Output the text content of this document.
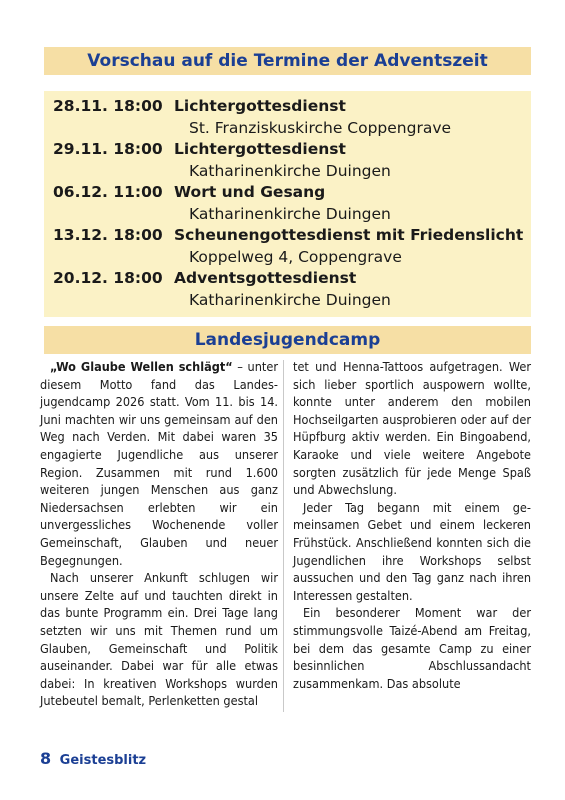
Vorschau auf die Termine der Adventszeit
28.11. 18:00 Lichtergottesdienst
St. Franziskuskirche Coppengrave
29.11. 18:00 Lichtergottesdienst
Katharinenkirche Duingen
06.12. 11:00 Wort und Gesang
Katharinenkirche Duingen
13.12. 18:00 Scheunengottesdienst mit Friedenslicht
Koppelweg 4, Coppengrave
20.12. 18:00 Adventsgottesdienst
Katharinenkirche Duingen
Landesjugendcamp

„Wo Glaube Wellen schlägt“ – unter diesem Motto fand das Landesjugendcamp 2026 statt. Vom 11. bis 14. Juni machten wir uns gemeinsam auf den Weg nach Verden. Mit dabei waren 35 engagierte Jugendliche aus unserer Region. Zusammen mit rund 1.600 weiteren jungen Menschen aus ganz Niedersachsen erlebten wir ein unvergessliches Wochenende voller Gemeinschaft, Glauben und neuer Begegnungen.

Nach unserer Ankunft schlugen wir unsere Zelte auf und tauchten direkt in das bunte Programm ein. Drei Tage lang setzten wir uns mit Themen rund um Glauben, Gemeinschaft und Politik auseinander. Dabei war für alle etwas dabei: In kreativen Workshops wurden Jutebeutel bemalt, Perlenketten gestal

tet und Henna-Tattoos aufgetragen. Wer sich lieber sportlich auspowern wollte, konnte unter anderem den mobilen Hochseilgarten ausprobieren oder auf der Hüpfburg aktiv werden. Ein Bingoabend, Karaoke und viele weitere Angebote sorgten zusätzlich für jede Menge Spaß und Abwechslung.

Jeder Tag begann mit einem gemeinsamen Gebet und einem leckeren Frühstück. Anschließend konnten sich die Jugendlichen ihre Workshops selbst aussuchen und den Tag ganz nach ihren Interessen gestalten.

Ein besonderer Moment war der stimmungsvolle Taizé-Abend am Freitag, bei dem das gesamte Camp zu einer besinnlichen Abschlussandacht zusammenkam. Das absolute

8 Geistesblitz
